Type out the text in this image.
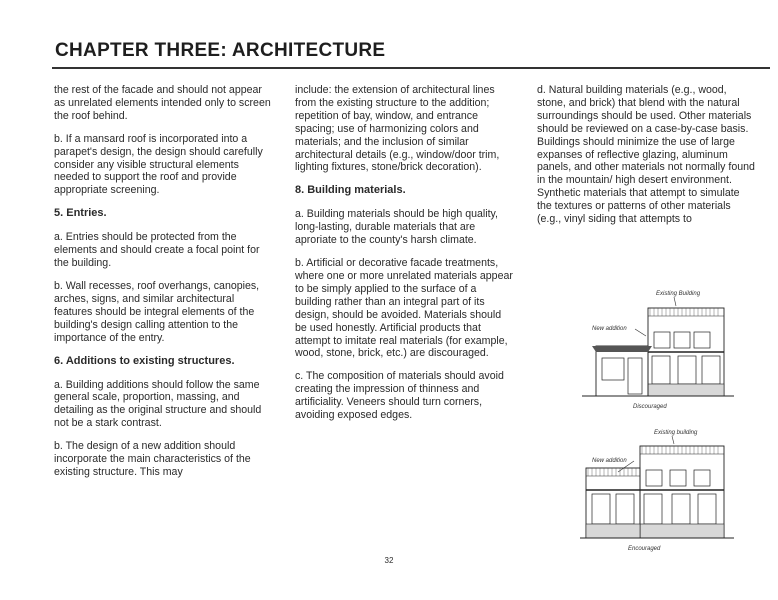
CHAPTER THREE: ARCHITECTURE

the rest of the facade and should not appear as unrelated elements intended only to screen the roof behind.

b. If a mansard roof is incorporated into a parapet's design, the design should carefully consider any visible structural elements needed to support the roof and provide appropriate screening.

5. Entries.

a. Entries should be protected from the elements and should create a focal point for the building.

b. Wall recesses, roof overhangs, canopies, arches, signs, and similar architectural features should be integral elements of the building's design calling attention to the importance of the entry.

6. Additions to existing structures.

a. Building additions should follow the same general scale, proportion, massing, and detailing as the original structure and should not be a stark contrast.

b. The design of a new addition should incorporate the main characteristics of the existing structure. This may

include: the extension of architectural lines from the existing structure to the addition; repetition of bay, window, and entrance spacing; use of harmonizing colors and materials; and the inclusion of similar architectural details (e.g., window/door trim, lighting fixtures, stone/brick decoration).

8. Building materials.

a. Building materials should be high quality, long-lasting, durable materials that are aproriate to the county's harsh climate.

b. Artificial or decorative facade treatments, where one or more unrelated materials appear to be simply applied to the surface of a building rather than an integral part of its design, should be avoided. Materials should be used honestly. Artificial products that attempt to imitate real materials (for example, wood, stone, brick, etc.) are discouraged.

c. The composition of materials should avoid creating the impression of thinness and artificiality. Veneers should turn corners, avoiding exposed edges.

d. Natural building materials (e.g., wood, stone, and brick) that blend with the natural surroundings should be used. Other materials should be reviewed on a case-by-case basis. Buildings should minimize the use of large expanses of reflective glazing, aluminum panels, and other materials not normally found in the mountain/ high desert environment. Synthetic materials that attempt to simulate the textures or patterns of other materials (e.g., vinyl siding that attempts to

Existing Building
New addition
Discouraged
Existing building
New addition
Encouraged
32
